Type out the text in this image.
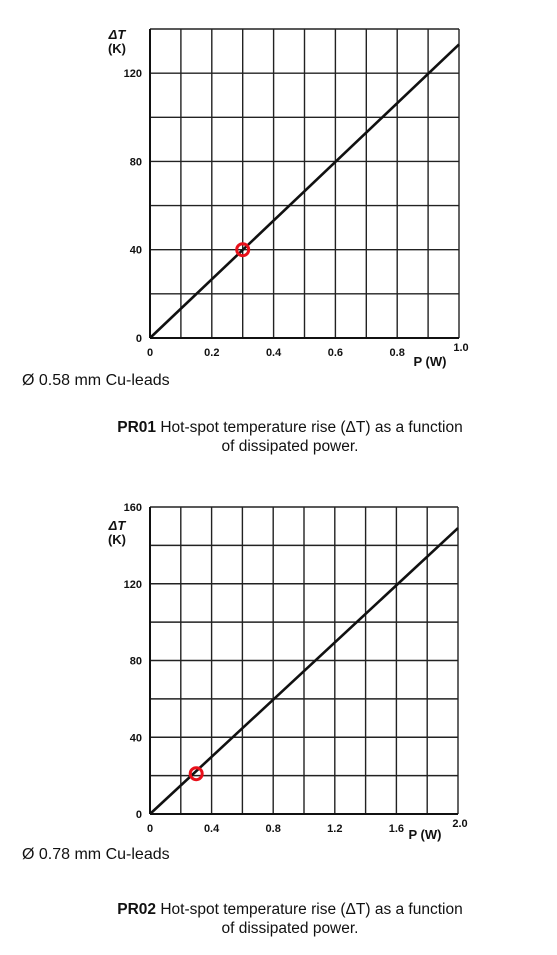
0	0.2	0.4	0.6	0.8	1.0
0
40
80
120
ΔT
(K)
P (W)
Ø 0.58 mm Cu-leads
PR01 Hot-spot temperature rise (ΔT) as a function
of dissipated power.
0	0.4	0.8	1.2	1.6	2.0
0
40
80
120
160
ΔT
(K)
P (W)
Ø 0.78 mm Cu-leads
PR02 Hot-spot temperature rise (ΔT) as a function
of dissipated power.
